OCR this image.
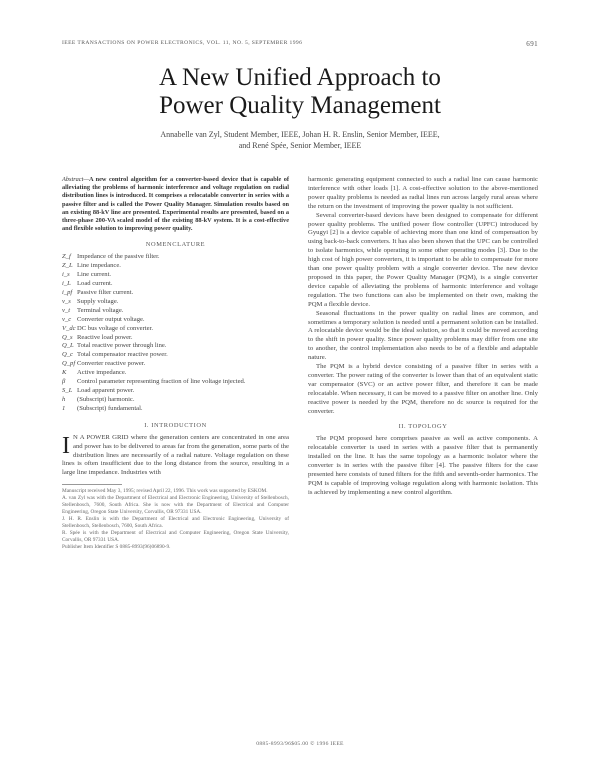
IEEE TRANSACTIONS ON POWER ELECTRONICS, VOL. 11, NO. 5, SEPTEMBER 1996	691
A New Unified Approach to
Power Quality Management
Annabelle van Zyl, Student Member, IEEE, Johan H. R. Enslin, Senior Member, IEEE,
and René Spée, Senior Member, IEEE

Abstract—A new control algorithm for a converter-based device that is capable of alleviating the problems of harmonic interference and voltage regulation on radial distribution lines is introduced. It comprises a relocatable converter in series with a passive filter and is called the Power Quality Manager. Simulation results based on an existing 88-kV line are presented. Experimental results are presented, based on a three-phase 200-VA scaled model of the existing 88-kV system. It is a cost-effective and flexible solution to improving power quality.

NOMENCLATURE
Z_f Impedance of the passive filter.
Z_L Line impedance.
i_s	Line current.
i_L Load current.
i_pf Passive filter current.
v_s Supply voltage.
v_t	Terminal voltage.
v_c Converter output voltage.
V_dc DC bus voltage of converter.
Q_s Reactive load power.
Q_L Total reactive power through line.
Q_c Total compensator reactive power.
Q_pf Converter reactive power.
K	Active impedance.
β	Control parameter representing fraction of line voltage injected.
S_L Load apparent power.
h	(Subscript) harmonic.
1	(Subscript) fundamental.
I. INTRODUCTION

I N A POWER GRID where the generation centers are concentrated in one area and power has to be delivered to areas far from the generation, some parts of the distribution lines are necessarily of a radial nature. Voltage regulation on these lines is often insufficient due to the long distance from the source, resulting in a large line impedance. Industries with

Manuscript received May 3, 1995; revised April 22, 1996. This work was supported by ESKOM.

A. van Zyl was with the Department of Electrical and Electronic Engineering, University of Stellenbosch, Stellenbosch, 7600, South Africa. She is now with the Department of Electrical and Computer Engineering, Oregon State University, Corvallis, OR 97331 USA.

J. H. R. Enslin is with the Department of Electrical and Electronic Engineering, University of Stellenbosch, Stellenbosch, 7600, South Africa.

R. Spée is with the Department of Electrical and Computer Engineering, Oregon State University, Corvallis, OR 97331 USA.

Publisher Item Identifier S 0885-8993(96)06890-9.

harmonic generating equipment connected to such a radial line can cause harmonic interference with other loads [1]. A cost-effective solution to the above-mentioned power quality problems is needed as radial lines run across largely rural areas where the return on the investment of improving the power quality is not sufficient.

Several converter-based devices have been designed to compensate for different power quality problems. The unified power flow controller (UPFC) introduced by Gyugyi [2] is a device capable of achieving more than one kind of compensation by using back-to-back converters. It has also been shown that the UPC can be controlled to isolate harmonics, while operating in some other operating modes [3]. Due to the high cost of high power converters, it is important to be able to compensate for more than one power quality problem with a single converter device. The new device proposed in this paper, the Power Quality Manager (PQM), is a single converter device capable of alleviating the problems of harmonic interference and voltage regulation. The two functions can also be implemented on their own, making the PQM a flexible device.

Seasonal fluctuations in the power quality on radial lines are common, and sometimes a temporary solution is needed until a permanent solution can be installed. A relocatable device would be the ideal solution, so that it could be moved according to the shift in power quality. Since power quality problems may differ from one site to another, the control implementation also needs to be of a flexible and adaptable nature.

The PQM is a hybrid device consisting of a passive filter in series with a converter. The power rating of the converter is lower than that of an equivalent static var compensator (SVC) or an active power filter, and therefore it can be made relocatable. When necessary, it can be moved to a passive filter on another line. Only reactive power is needed by the PQM, therefore no dc source is required for the converter.

II. TOPOLOGY

The PQM proposed here comprises passive as well as active components. A relocatable converter is used in series with a passive filter that is permanently installed on the line. It has the same topology as a harmonic isolator where the converter is in series with the passive filter [4]. The passive filters for the case presented here consists of tuned filters for the fifth and seventh-order harmonics. The PQM is capable of improving voltage regulation along with harmonic isolation. This is achieved by implementing a new control algorithm.

0885-8993/96$05.00 © 1996 IEEE
